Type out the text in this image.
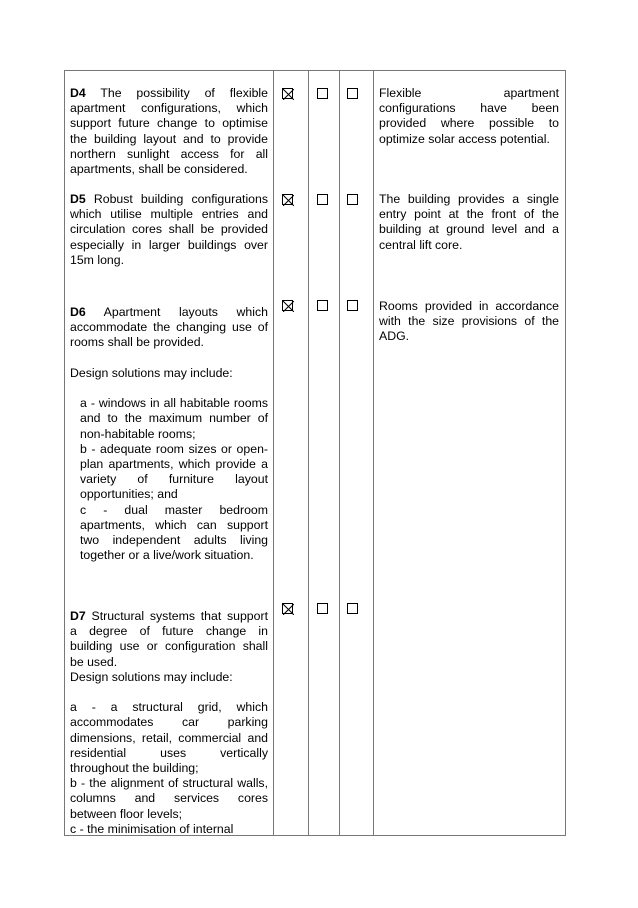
D4 The possibility of flexible apartment configurations, which support future change to optimise the building layout and to provide northern sunlight access for all apartments, shall be considered.

Flexible apartment configurations have been provided where possible to optimize solar access potential.

D5 Robust building configurations which utilise multiple entries and circulation cores shall be provided especially in larger buildings over 15m long.

The building provides a single entry point at the front of the building at ground level and a central lift core.

D6 Apartment layouts which accommodate the changing use of rooms shall be provided.

Design solutions may include:

a - windows in all habitable rooms and to the maximum number of non-habitable rooms;

b - adequate room sizes or open-plan apartments, which provide a variety of furniture layout opportunities; and

c - dual master bedroom apartments, which can support two independent adults living together or a live/work situation.

Rooms provided in accordance with the size provisions of the ADG.

D7 Structural systems that support a degree of future change in building use or configuration shall be used.

Design solutions may include:

a - a structural grid, which accommodates car parking dimensions, retail, commercial and residential uses vertically throughout the building;

b - the alignment of structural walls, columns and services cores between floor levels;

c - the minimisation of internal
